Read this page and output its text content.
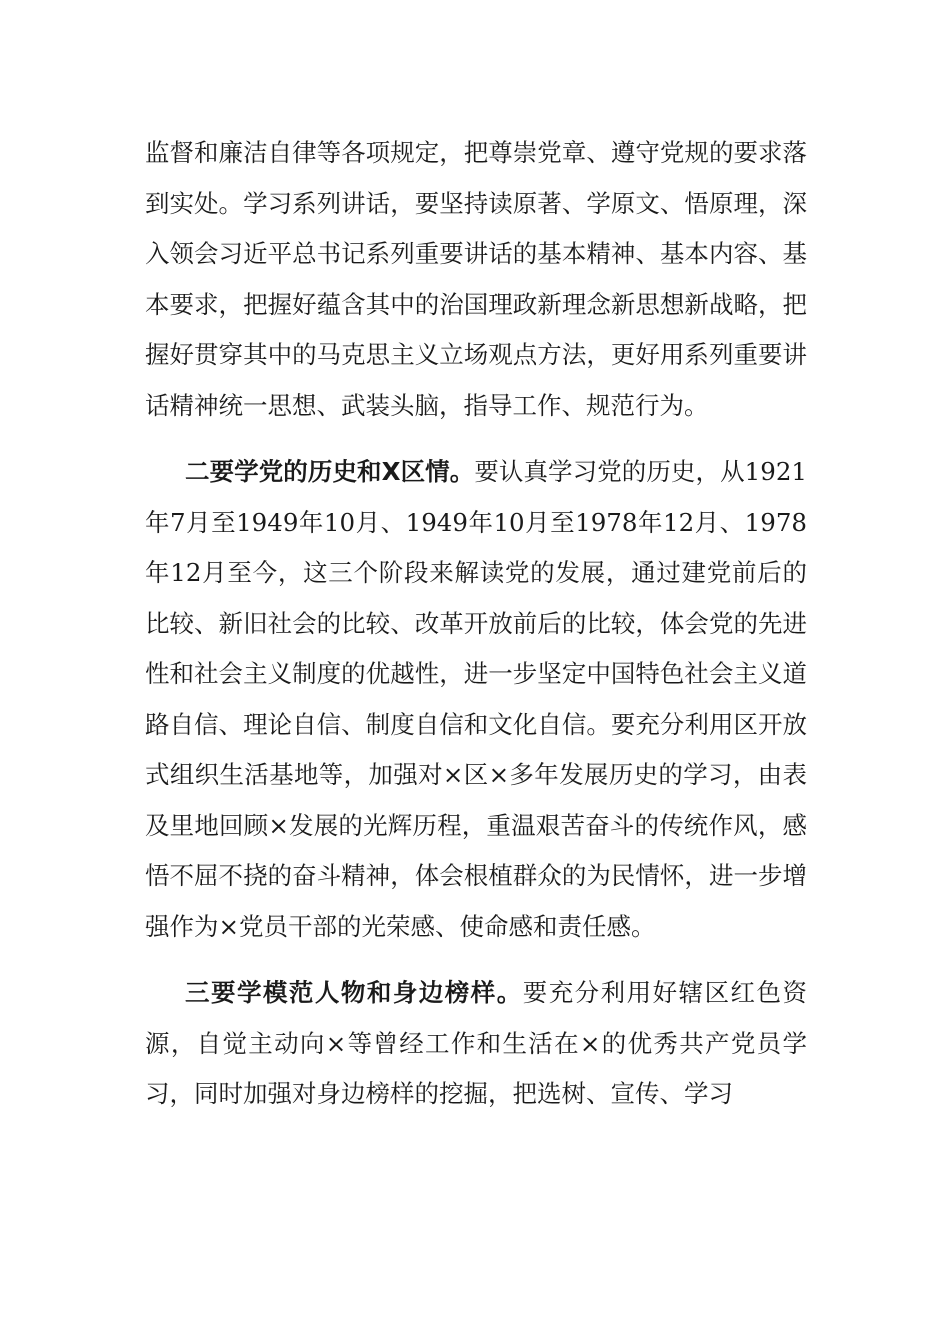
监督和廉洁自律等各项规定，把尊崇党章、遵守党规的要求落到实处。学习系列讲话，要坚持读原著、学原文、悟原理，深入领会习近平总书记系列重要讲话的基本精神、基本内容、基本要求，把握好蕴含其中的治国理政新理念新思想新战略，把握好贯穿其中的马克思主义立场观点方法，更好用系列重要讲话精神统一思想、武装头脑，指导工作、规范行为。

二要学党的历史和X区情。要认真学习党的历史，从1921年7月至1949年10月、1949年10月至1978年12月、1978年12月至今，这三个阶段来解读党的发展，通过建党前后的比较、新旧社会的比较、改革开放前后的比较，体会党的先进性和社会主义制度的优越性，进一步坚定中国特色社会主义道路自信、理论自信、制度自信和文化自信。要充分利用区开放式组织生活基地等，加强对×区×多年发展历史的学习，由表及里地回顾×发展的光辉历程，重温艰苦奋斗的传统作风，感悟不屈不挠的奋斗精神，体会根植群众的为民情怀，进一步增强作为×党员干部的光荣感、使命感和责任感。

三要学模范人物和身边榜样。要充分利用好辖区红色资源，自觉主动向×等曾经工作和生活在×的优秀共产党员学习，同时加强对身边榜样的挖掘，把选树、宣传、学习
